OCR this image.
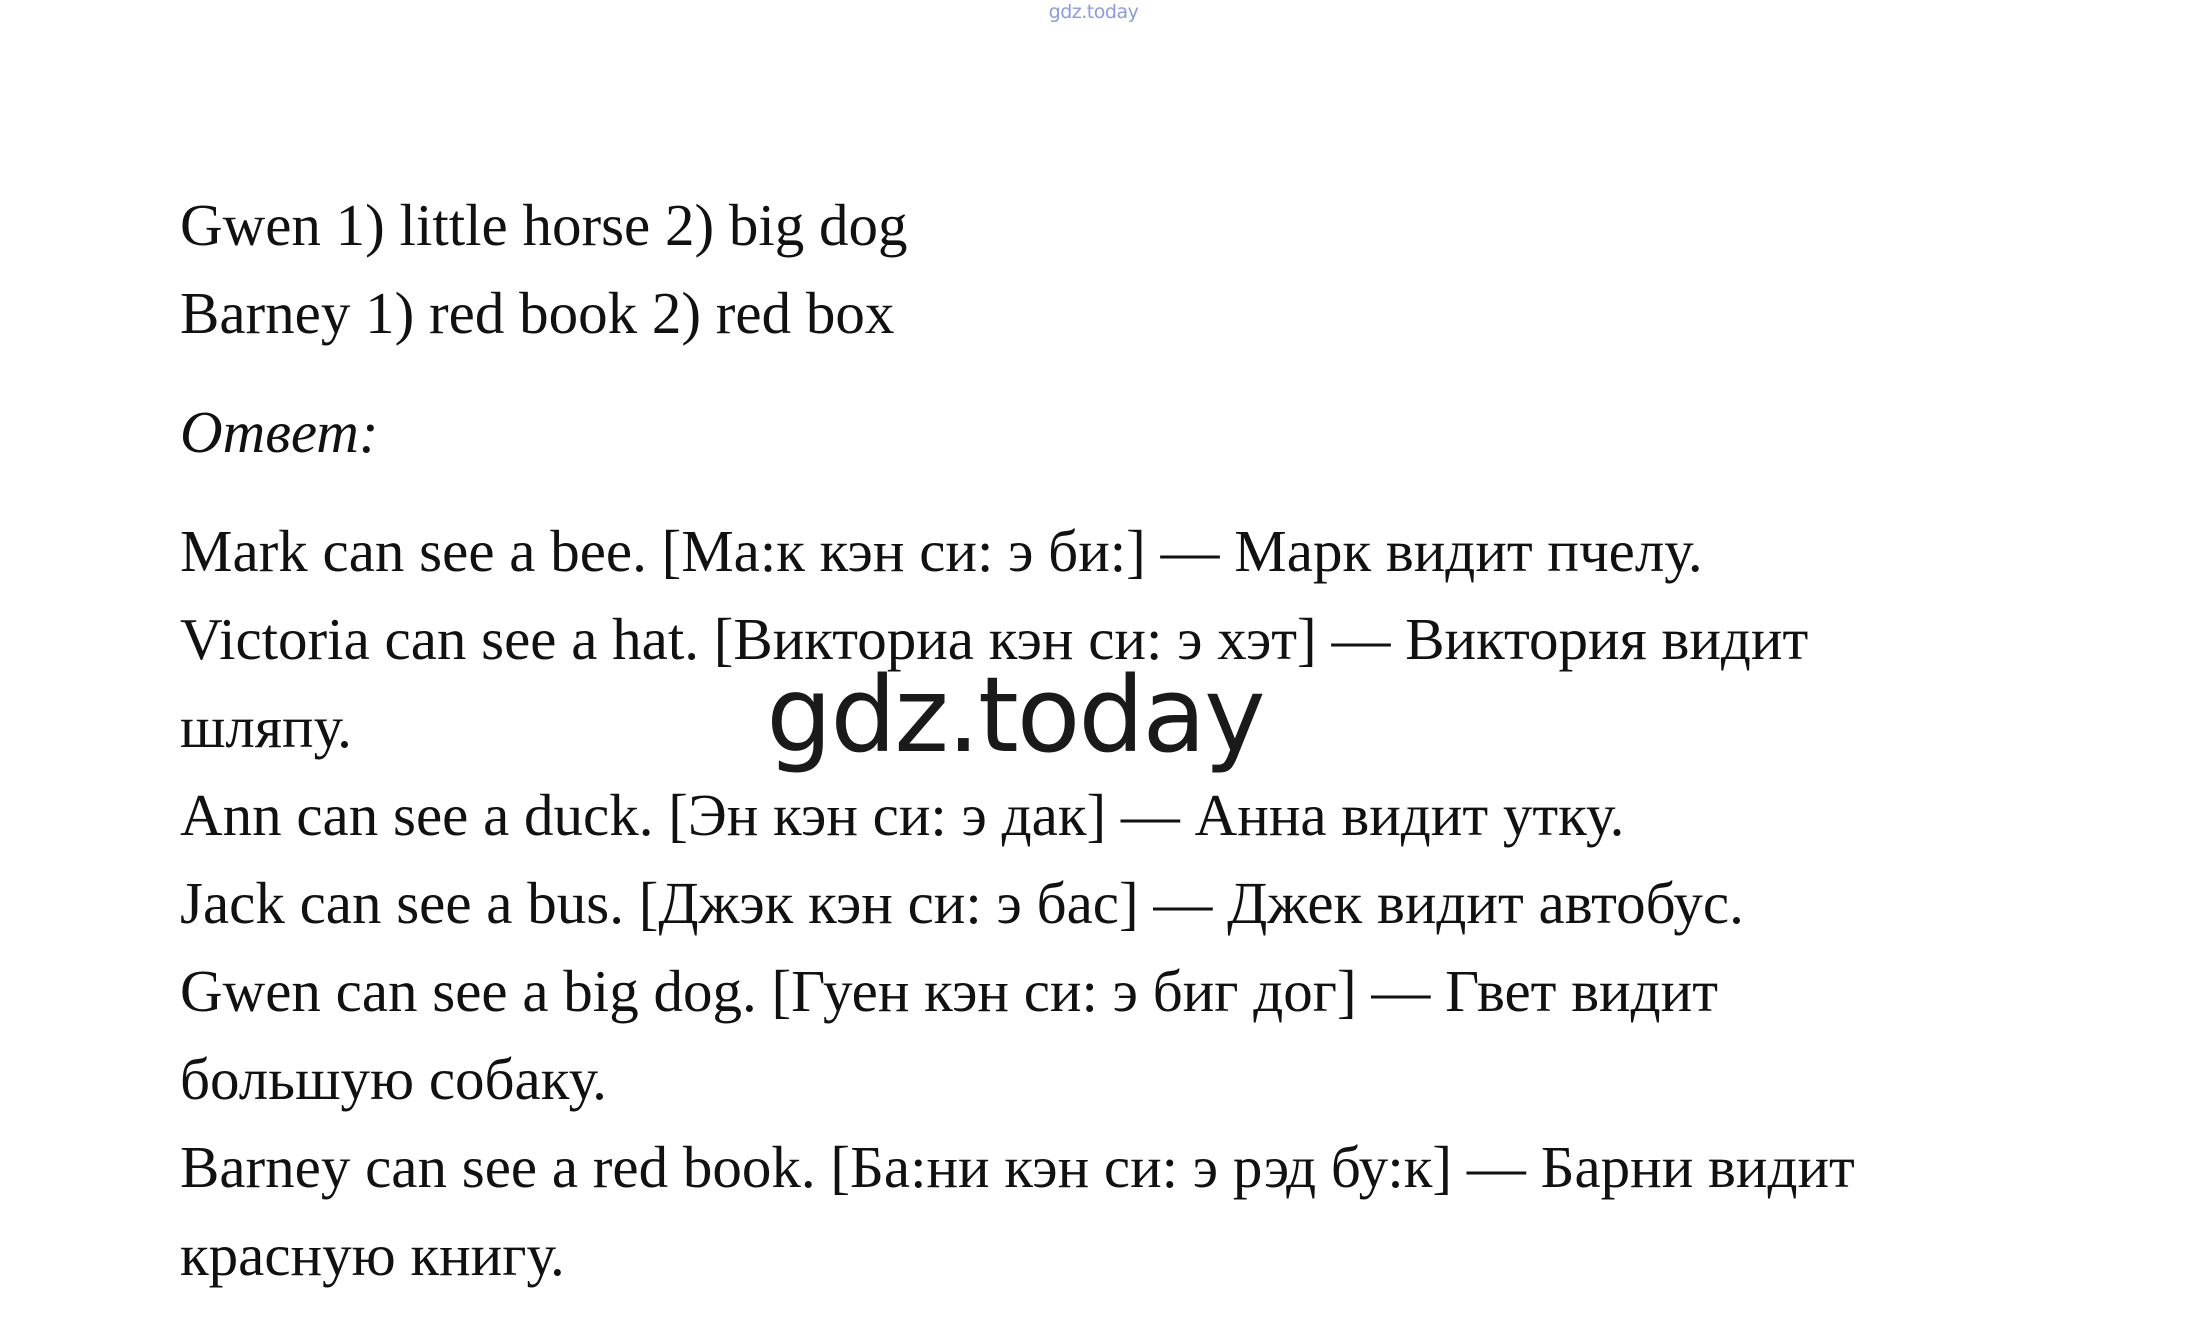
gdz.today
Gwen 1) little horse 2) big dog
Barney 1) red book 2) red box
Ответ:
Mark can see a bee. [Ма:к кэн си: э би:] — Марк видит пчелу.
Victoria can see a hat. [Викториа кэн си: э хэт] — Виктория видит
шляпу.
Ann can see a duck. [Эн кэн си: э дак] — Анна видит утку.
Jack can see a bus. [Джэк кэн си: э бас] — Джек видит автобус.
Gwen can see a big dog. [Гуен кэн си: э биг дог] — Гвет видит
большую собаку.
Barney can see a red book. [Ба:ни кэн си: э рэд бу:к] — Барни видит
красную книгу.
gdz.today
